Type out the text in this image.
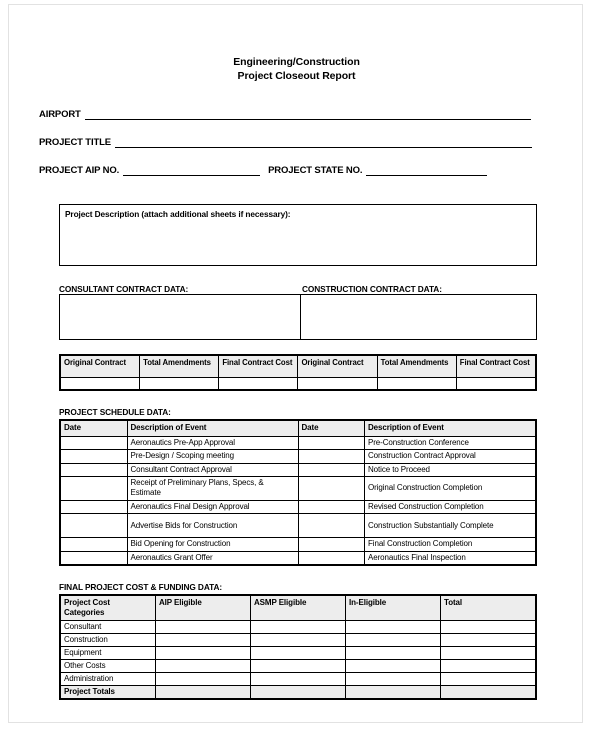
Engineering/Construction
Project Closeout Report
AIRPORT
PROJECT TITLE
PROJECT AIP NO.	PROJECT STATE NO.
Project Description (attach additional sheets if necessary):
CONSULTANT CONTRACT DATA:	CONSTRUCTION CONTRACT DATA:
Original Contract	Total Amendments	Final Contract Cost	Original Contract	Total Amendments	Final Contract Cost

PROJECT SCHEDULE DATA:
Date	Description of Event	Date	Description of Event
	Aeronautics Pre-App Approval		Pre-Construction Conference
	Pre-Design / Scoping meeting		Construction Contract Approval
	Consultant Contract Approval		Notice to Proceed
	Receipt of Preliminary Plans, Specs, & Estimate		Original Construction Completion
	Aeronautics Final Design Approval		Revised Construction Completion
	Advertise Bids for Construction		Construction Substantially Complete
	Bid Opening for Construction		Final Construction Completion
	Aeronautics Grant Offer		Aeronautics Final Inspection
FINAL PROJECT COST & FUNDING DATA:
Project Cost Categories	AIP Eligible	ASMP Eligible	In-Eligible	Total
Consultant				
Construction				
Equipment				
Other Costs				
Administration				
Project Totals				
